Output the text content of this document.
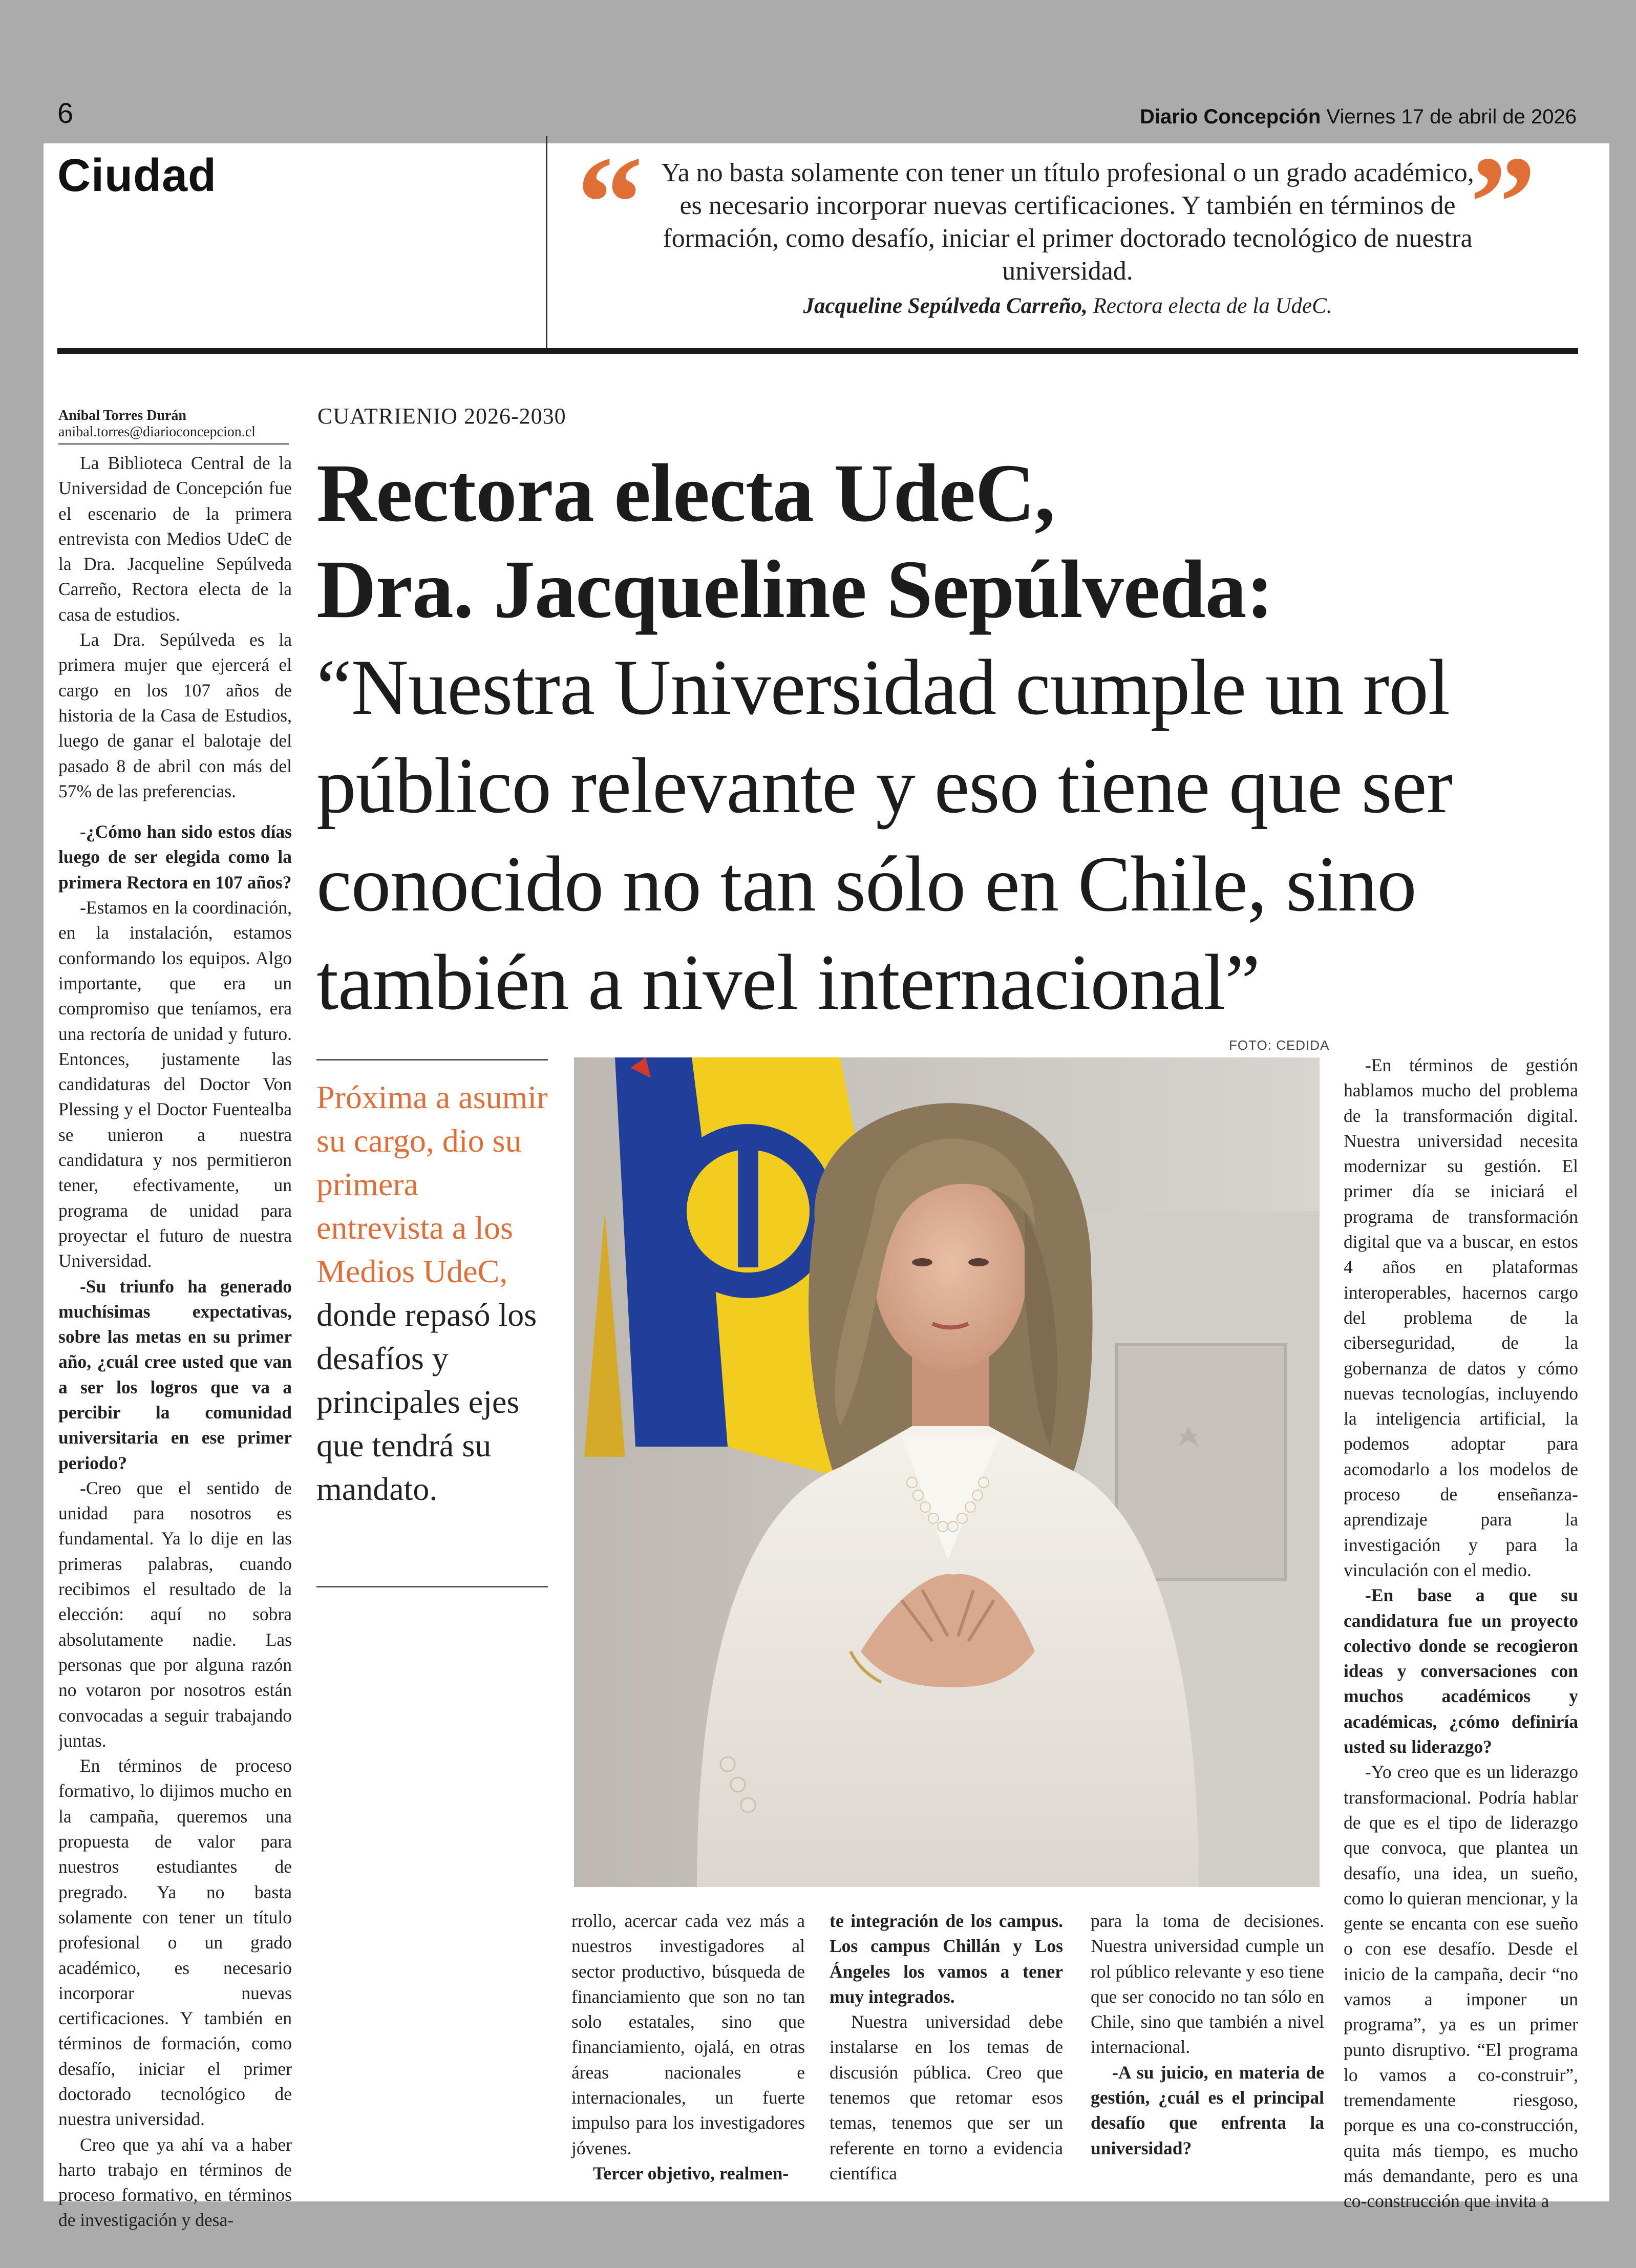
6	Diario Concepción Viernes 17 de abril de 2026
Ciudad	“	”
Ya no basta solamente con tener un título profesional o un grado académico, es necesario incorporar nuevas certificaciones. Y también en términos de formación, como desafío, iniciar el primer doctorado tecnológico de nuestra universidad.
Jacqueline Sepúlveda Carreño, Rectora electa de la UdeC.
Aníbal Torres Durán
anibal.torres@diarioconcepcion.cl
CUATRIENIO 2026-2030
Rectora electa UdeC,
Dra. Jacqueline Sepúlveda:
“Nuestra Universidad cumple un rol público relevante y eso tiene que ser conocido no tan sólo en Chile, sino también a nivel internacional”

La Biblioteca Central de la Universidad de Concepción fue el escenario de la primera entrevista con Medios UdeC de la Dra. Jacqueline Sepúlveda Carreño, Rectora electa de la casa de estudios.

La Dra. Sepúlveda es la primera mujer que ejercerá el cargo en los 107 años de historia de la Casa de Estudios, luego de ganar el balotaje del pasado 8 de abril con más del 57% de las preferencias.

-¿Cómo han sido estos días luego de ser elegida como la primera Rectora en 107 años?

-Estamos en la coordinación, en la instalación, estamos conformando los equipos. Algo importante, que era un compromiso que teníamos, era una rectoría de unidad y futuro. Entonces, justamente las candidaturas del Doctor Von Plessing y el Doctor Fuentealba se unieron a nuestra candidatura y nos permitieron tener, efectivamente, un programa de unidad para proyectar el futuro de nuestra Universidad.

-Su triunfo ha generado muchísimas expectativas, sobre las metas en su primer año, ¿cuál cree usted que van a ser los logros que va a percibir la comunidad universitaria en ese primer periodo?

-Creo que el sentido de unidad para nosotros es fundamental. Ya lo dije en las primeras palabras, cuando recibimos el resultado de la elección: aquí no sobra absolutamente nadie. Las personas que por alguna razón no votaron por nosotros están convocadas a seguir trabajando juntas.

En términos de proceso formativo, lo dijimos mucho en la campaña, queremos una propuesta de valor para nuestros estudiantes de pregrado. Ya no basta solamente con tener un título profesional o un grado académico, es necesario incorporar nuevas certificaciones. Y también en términos de formación, como desafío, iniciar el primer doctorado tecnológico de nuestra universidad.

Creo que ya ahí va a haber harto trabajo en términos de proceso formativo, en términos de investigación y desa-

Próxima a asumir su cargo, dio su primera entrevista a los Medios UdeC, donde repasó los desafíos y principales ejes que tendrá su mandato.
FOTO: CEDIDA

rrollo, acercar cada vez más a nuestros investigadores al sector productivo, búsqueda de financiamiento que son no tan solo estatales, sino que financiamiento, ojalá, en otras áreas nacionales e internacionales, un fuerte impulso para los investigadores jóvenes.

Tercer objetivo, realmen-

te integración de los campus. Los campus Chillán y Los Ángeles los vamos a tener muy integrados.

Nuestra universidad debe instalarse en los temas de discusión pública. Creo que tenemos que retomar esos temas, tenemos que ser un referente en torno a evidencia científica

para la toma de decisiones. Nuestra universidad cumple un rol público relevante y eso tiene que ser conocido no tan sólo en Chile, sino que también a nivel internacional.

-A su juicio, en materia de gestión, ¿cuál es el principal desafío que enfrenta la universidad?

-En términos de gestión hablamos mucho del problema de la transformación digital. Nuestra universidad necesita modernizar su gestión. El primer día se iniciará el programa de transformación digital que va a buscar, en estos 4 años en plataformas interoperables, hacernos cargo del problema de la ciberseguridad, de la gobernanza de datos y cómo nuevas tecnologías, incluyendo la inteligencia artificial, la podemos adoptar para acomodarlo a los modelos de proceso de enseñanza-aprendizaje para la investigación y para la vinculación con el medio.

-En base a que su candidatura fue un proyecto colectivo donde se recogieron ideas y conversaciones con muchos académicos y académicas, ¿cómo definiría usted su liderazgo?

-Yo creo que es un liderazgo transformacional. Podría hablar de que es el tipo de liderazgo que convoca, que plantea un desafío, una idea, un sueño, como lo quieran mencionar, y la gente se encanta con ese sueño o con ese desafío. Desde el inicio de la campaña, decir “no vamos a imponer un programa”, ya es un primer punto disruptivo. “El programa lo vamos a co-construir”, tremendamente riesgoso, porque es una co-construcción, quita más tiempo, es mucho más demandante, pero es una co-construcción que invita a
